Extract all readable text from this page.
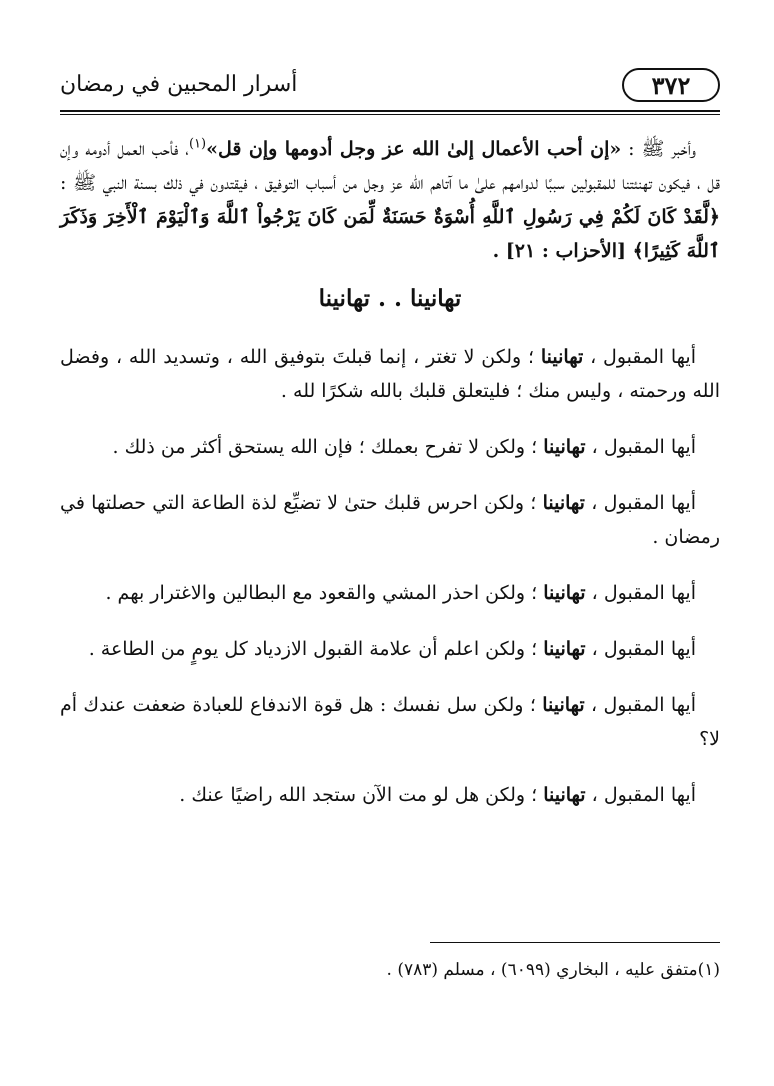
٣٧٢
أسرار المحبين في رمضان

وأخبر ﷺ : «إن أحب الأعمال إلىٰ الله عز وجل أدومها وإن قل»$^{(١)}$، فأحب العمل أدومه وإن قل ، فيكون تهنئتنا للمقبولين سببًا لدوامهم علىٰ ما آتاهم الله عز وجل من أسباب التوفيق ، فيقتدون في ذلك بسنة النبي ﷺ : ﴿لَّقَدْ كَانَ لَكُمْ فِي رَسُولِ ٱللَّهِ أُسْوَةٌ حَسَنَةٌ لِّمَن كَانَ يَرْجُواْ ٱللَّهَ وَٱلْيَوْمَ ٱلْأَخِرَ وَذَكَرَ ٱللَّهَ كَثِيرًا﴾ [الأحزاب : ٢١] .

تهانينا . . تهانينا

أيها المقبول ، تهانينا ؛ ولكن لا تغتر ، إنما قبلتَ بتوفيق الله ، وتسديد الله ، وفضل الله ورحمته ، وليس منك ؛ فليتعلق قلبك بالله شكرًا لله .

أيها المقبول ، تهانينا ؛ ولكن لا تفرح بعملك ؛ فإن الله يستحق أكثر من ذلك .

أيها المقبول ، تهانينا ؛ ولكن احرس قلبك حتىٰ لا تضيِّع لذة الطاعة التي حصلتها في رمضان .

أيها المقبول ، تهانينا ؛ ولكن احذر المشي والقعود مع البطالين والاغترار بهم .

أيها المقبول ، تهانينا ؛ ولكن اعلم أن علامة القبول الازدياد كل يومٍ من الطاعة .

أيها المقبول ، تهانينا ؛ ولكن سل نفسك : هل قوة الاندفاع للعبادة ضعفت عندك أم لا؟

أيها المقبول ، تهانينا ؛ ولكن هل لو مت الآن ستجد الله راضيًا عنك .

(١)متفق عليه ، البخاري (٦٠٩٩) ، مسلم (٧٨٣) .
